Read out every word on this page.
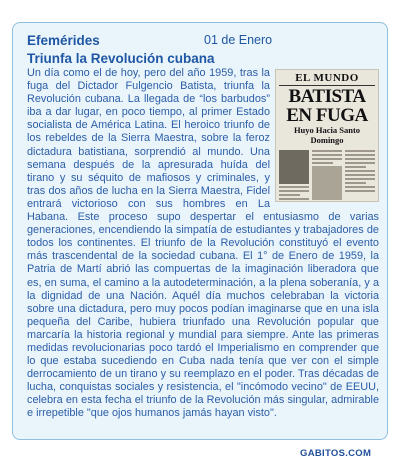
Efemérides	01 de Enero
Triunfa la Revolución cubana
EL MUNDO
BATISTA EN FUGA
Huyo Hacia Santo Domingo
Un día como el de hoy, pero del año 1959, tras la fuga del Dictador Fulgencio Batista, triunfa la Revolución cubana. La llegada de “los barbudos” iba a dar lugar, en poco tiempo, al primer Estado socialista de América Latina. El heroico triunfo de los rebeldes de la Sierra Maestra, sobre la feroz dictadura batistiana, sorprendió al mundo. Una semana después de la apresurada huída del tirano y su séquito de mafiosos y criminales, y tras dos años de lucha en la Sierra Maestra, Fidel entrará victorioso con sus hombres en La Habana. Este proceso supo despertar el entusiasmo de varias generaciones, encendiendo la simpatía de estudiantes y trabajadores de todos los continentes. El triunfo de la Revolución constituyó el evento más trascendental de la sociedad cubana. El 1° de Enero de 1959, la Patria de Martí abrió las compuertas de la imaginación liberadora que es, en suma, el camino a la autodeterminación, a la plena soberanía, y a la dignidad de una Nación. Aquél día muchos celebraban la victoria sobre una dictadura, pero muy pocos podían imaginarse que en una isla pequeña del Caribe, hubiera triunfado una Revolución popular que marcaría la historia regional y mundial para siempre. Ante las primeras medidas revolucionarias poco tardó el Imperialismo en comprender que lo que estaba sucediendo en Cuba nada tenía que ver con el simple derrocamiento de un tirano y su reemplazo en el poder. Tras décadas de lucha, conquistas sociales y resistencia, el "incómodo vecino" de EEUU, celebra en esta fecha el triunfo de la Revolución más singular, admirable e irrepetible "que ojos humanos jamás hayan visto".
GABITOS.COM
